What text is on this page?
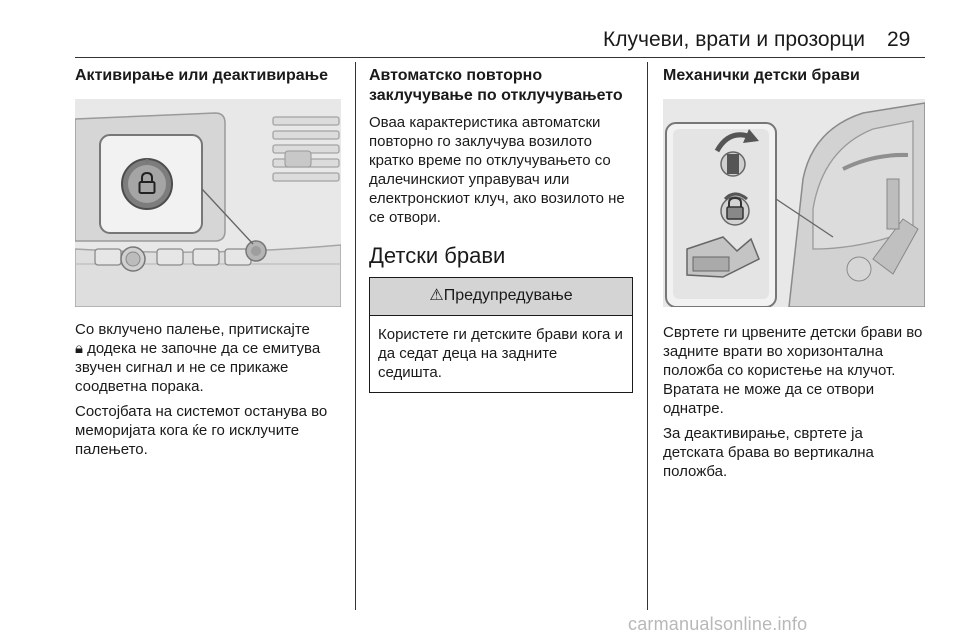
Клучеви, врати и прозорци 29

Активирање или деактивирање

Со вклучено палење, притискајте
🔒︎ додека не започне да се емитува звучен сигнал и не се прикаже соодветна порака.

Состојбата на системот останува во меморијата кога ќе го исклучите палењето.

Автоматско повторно заклучување по отклучувањето

Оваа карактеристика автоматски повторно го заклучува возилото кратко време по отклучувањето со далечинскиот управувач или електронскиот клуч, ако возилото не се отвори.

Детски брави

⚠Предупредување
Користете ги детските брави кога и да седат деца на задните седишта.

Механички детски брави

Свртете ги црвените детски брави во задните врати во хоризонтална положба со користење на клучот. Вратата не може да се отвори однатре.

За деактивирање, свртете ја детската брава во вертикална положба.

carmanualsonline.info
